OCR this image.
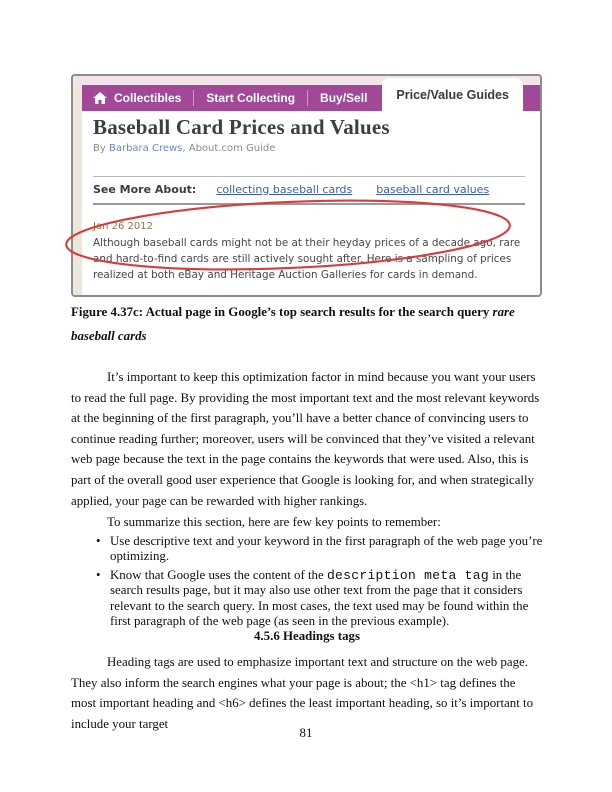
Collectibles Start Collecting Buy/Sell	Price/Value Guides
Baseball Card Prices and Values

By Barbara Crews, About.com Guide

See More About: collecting baseball cards baseball card values

Jan 26 2012

Although baseball cards might not be at their heyday prices of a decade ago, rare and hard-to-find cards are still actively sought after. Here is a sampling of prices realized at both eBay and Heritage Auction Galleries for cards in demand.

Figure 4.37c: Actual page in Google’s top search results for the search query rare baseball cards

It’s important to keep this optimization factor in mind because you want your users to read the full page. By providing the most important text and the most relevant keywords at the beginning of the first paragraph, you’ll have a better chance of convincing users to continue reading further; moreover, users will be convinced that they’ve visited a relevant web page because the text in the page contains the keywords that were used. Also, this is part of the overall good user experience that Google is looking for, and when strategically applied, your page can be rewarded with higher rankings.

To summarize this section, here are few key points to remember:

• Use descriptive text and your keyword in the first paragraph of the web page you’re optimizing.
• Know that Google uses the content of the description meta tag in the search results page, but it may also use other text from the page that it considers relevant to the search query. In most cases, the text used may be found within the first paragraph of the web page (as seen in the previous example).
4.5.6 Headings tags

Heading tags are used to emphasize important text and structure on the web page. They also inform the search engines what your page is about; the <h1> tag defines the most important heading and <h6> defines the least important heading, so it’s important to include your target

81
